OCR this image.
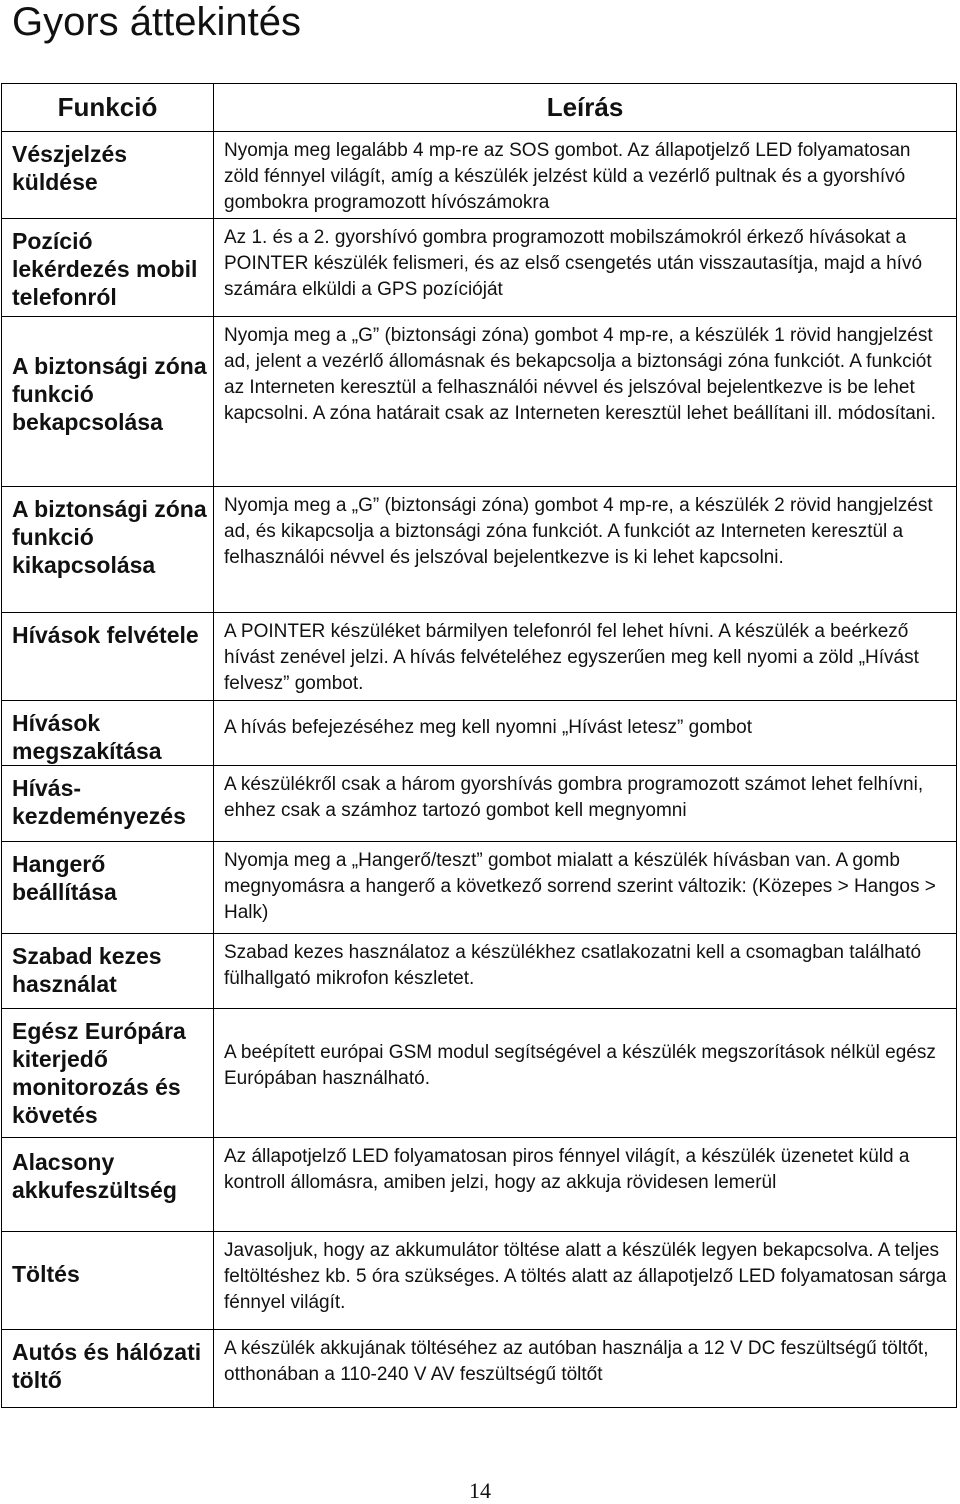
Gyors áttekintés
Funkció	Leírás
Vészjelzés küldése	Nyomja meg legalább 4 mp-re az SOS gombot. Az állapotjelző LED folyamatosan zöld fénnyel világít, amíg a készülék jelzést küld a vezérlő pultnak és a gyorshívó gombokra programozott hívószámokra
Pozíció lekérdezés mobil telefonról	Az 1. és a 2. gyorshívó gombra programozott mobilszámokról érkező hívásokat a POINTER készülék felismeri, és az első csengetés után visszautasítja, majd a hívó számára elküldi a GPS pozícióját
A biztonsági zóna funkció bekapcsolása	Nyomja meg a „G” (biztonsági zóna) gombot 4 mp-re, a készülék 1 rövid hangjelzést ad, jelent a vezérlő állomásnak és bekapcsolja a biztonsági zóna funkciót. A funkciót az Interneten keresztül a felhasználói névvel és jelszóval bejelentkezve is be lehet kapcsolni. A zóna határait csak az Interneten keresztül lehet beállítani ill. módosítani.
A biztonsági zóna funkció kikapcsolása	Nyomja meg a „G” (biztonsági zóna) gombot 4 mp-re, a készülék 2 rövid hangjelzést ad, és kikapcsolja a biztonsági zóna funkciót. A funkciót az Interneten keresztül a felhasználói névvel és jelszóval bejelentkezve is ki lehet kapcsolni.
Hívások felvétele	A POINTER készüléket bármilyen telefonról fel lehet hívni. A készülék a beérkező hívást zenével jelzi. A hívás felvételéhez egyszerűen meg kell nyomi a zöld „Hívást felvesz” gombot.
Hívások megszakítása	A hívás befejezéséhez meg kell nyomni „Hívást letesz” gombot
Hívás-kezdeményezés	A készülékről csak a három gyorshívás gombra programozott számot lehet felhívni, ehhez csak a számhoz tartozó gombot kell megnyomni
Hangerő beállítása	Nyomja meg a „Hangerő/teszt” gombot mialatt a készülék hívásban van. A gomb megnyomásra a hangerő a következő sorrend szerint változik: (Közepes > Hangos > Halk)
Szabad kezes használat	Szabad kezes használatoz a készülékhez csatlakozatni kell a csomagban található fülhallgató mikrofon készletet.
Egész Európára kiterjedő monitorozás és követés	A beépített európai GSM modul segítségével a készülék megszorítások nélkül egész Európában használható.
Alacsony akkufeszültség	Az állapotjelző LED folyamatosan piros fénnyel világít, a készülék üzenetet küld a kontroll állomásra, amiben jelzi, hogy az akkuja rövidesen lemerül
Töltés	Javasoljuk, hogy az akkumulátor töltése alatt a készülék legyen bekapcsolva. A teljes feltöltéshez kb. 5 óra szükséges. A töltés alatt az állapotjelző LED folyamatosan sárga fénnyel világít.
Autós és hálózati töltő	A készülék akkujának töltéséhez az autóban használja a 12 V DC feszültségű töltőt, otthonában a 110-240 V AV feszültségű töltőt
14
